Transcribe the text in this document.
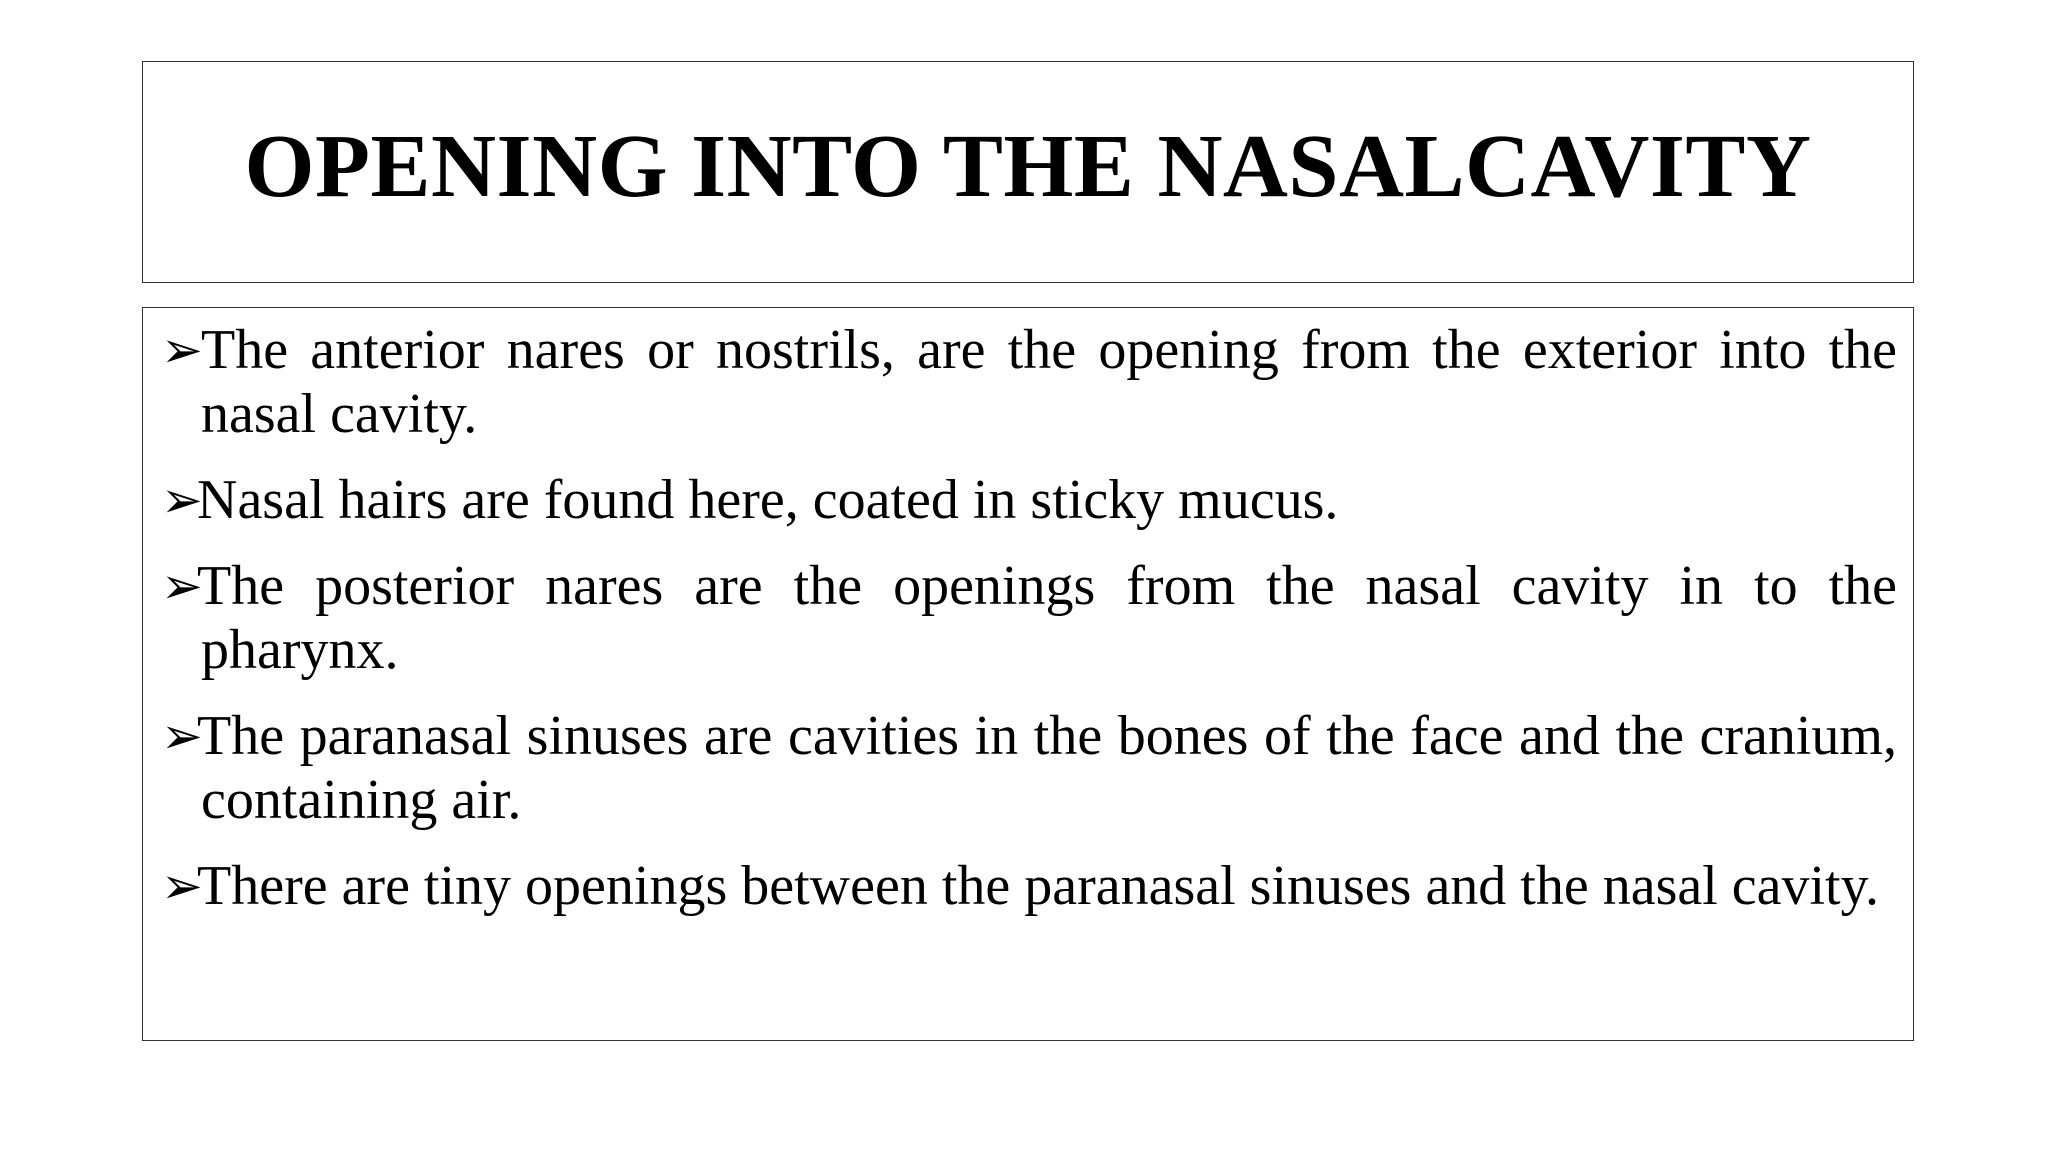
OPENING INTO THE NASALCAVITY
➢
The anterior nares or nostrils, are the opening from the exterior into the nasal cavity.
➢
Nasal hairs are found here, coated in sticky mucus.
➢
The posterior nares are the openings from the nasal cavity in to the pharynx.
➢
The paranasal sinuses are cavities in the bones of the face and the cranium, containing air.
➢
There are tiny openings between the paranasal sinuses and the nasal cavity.
